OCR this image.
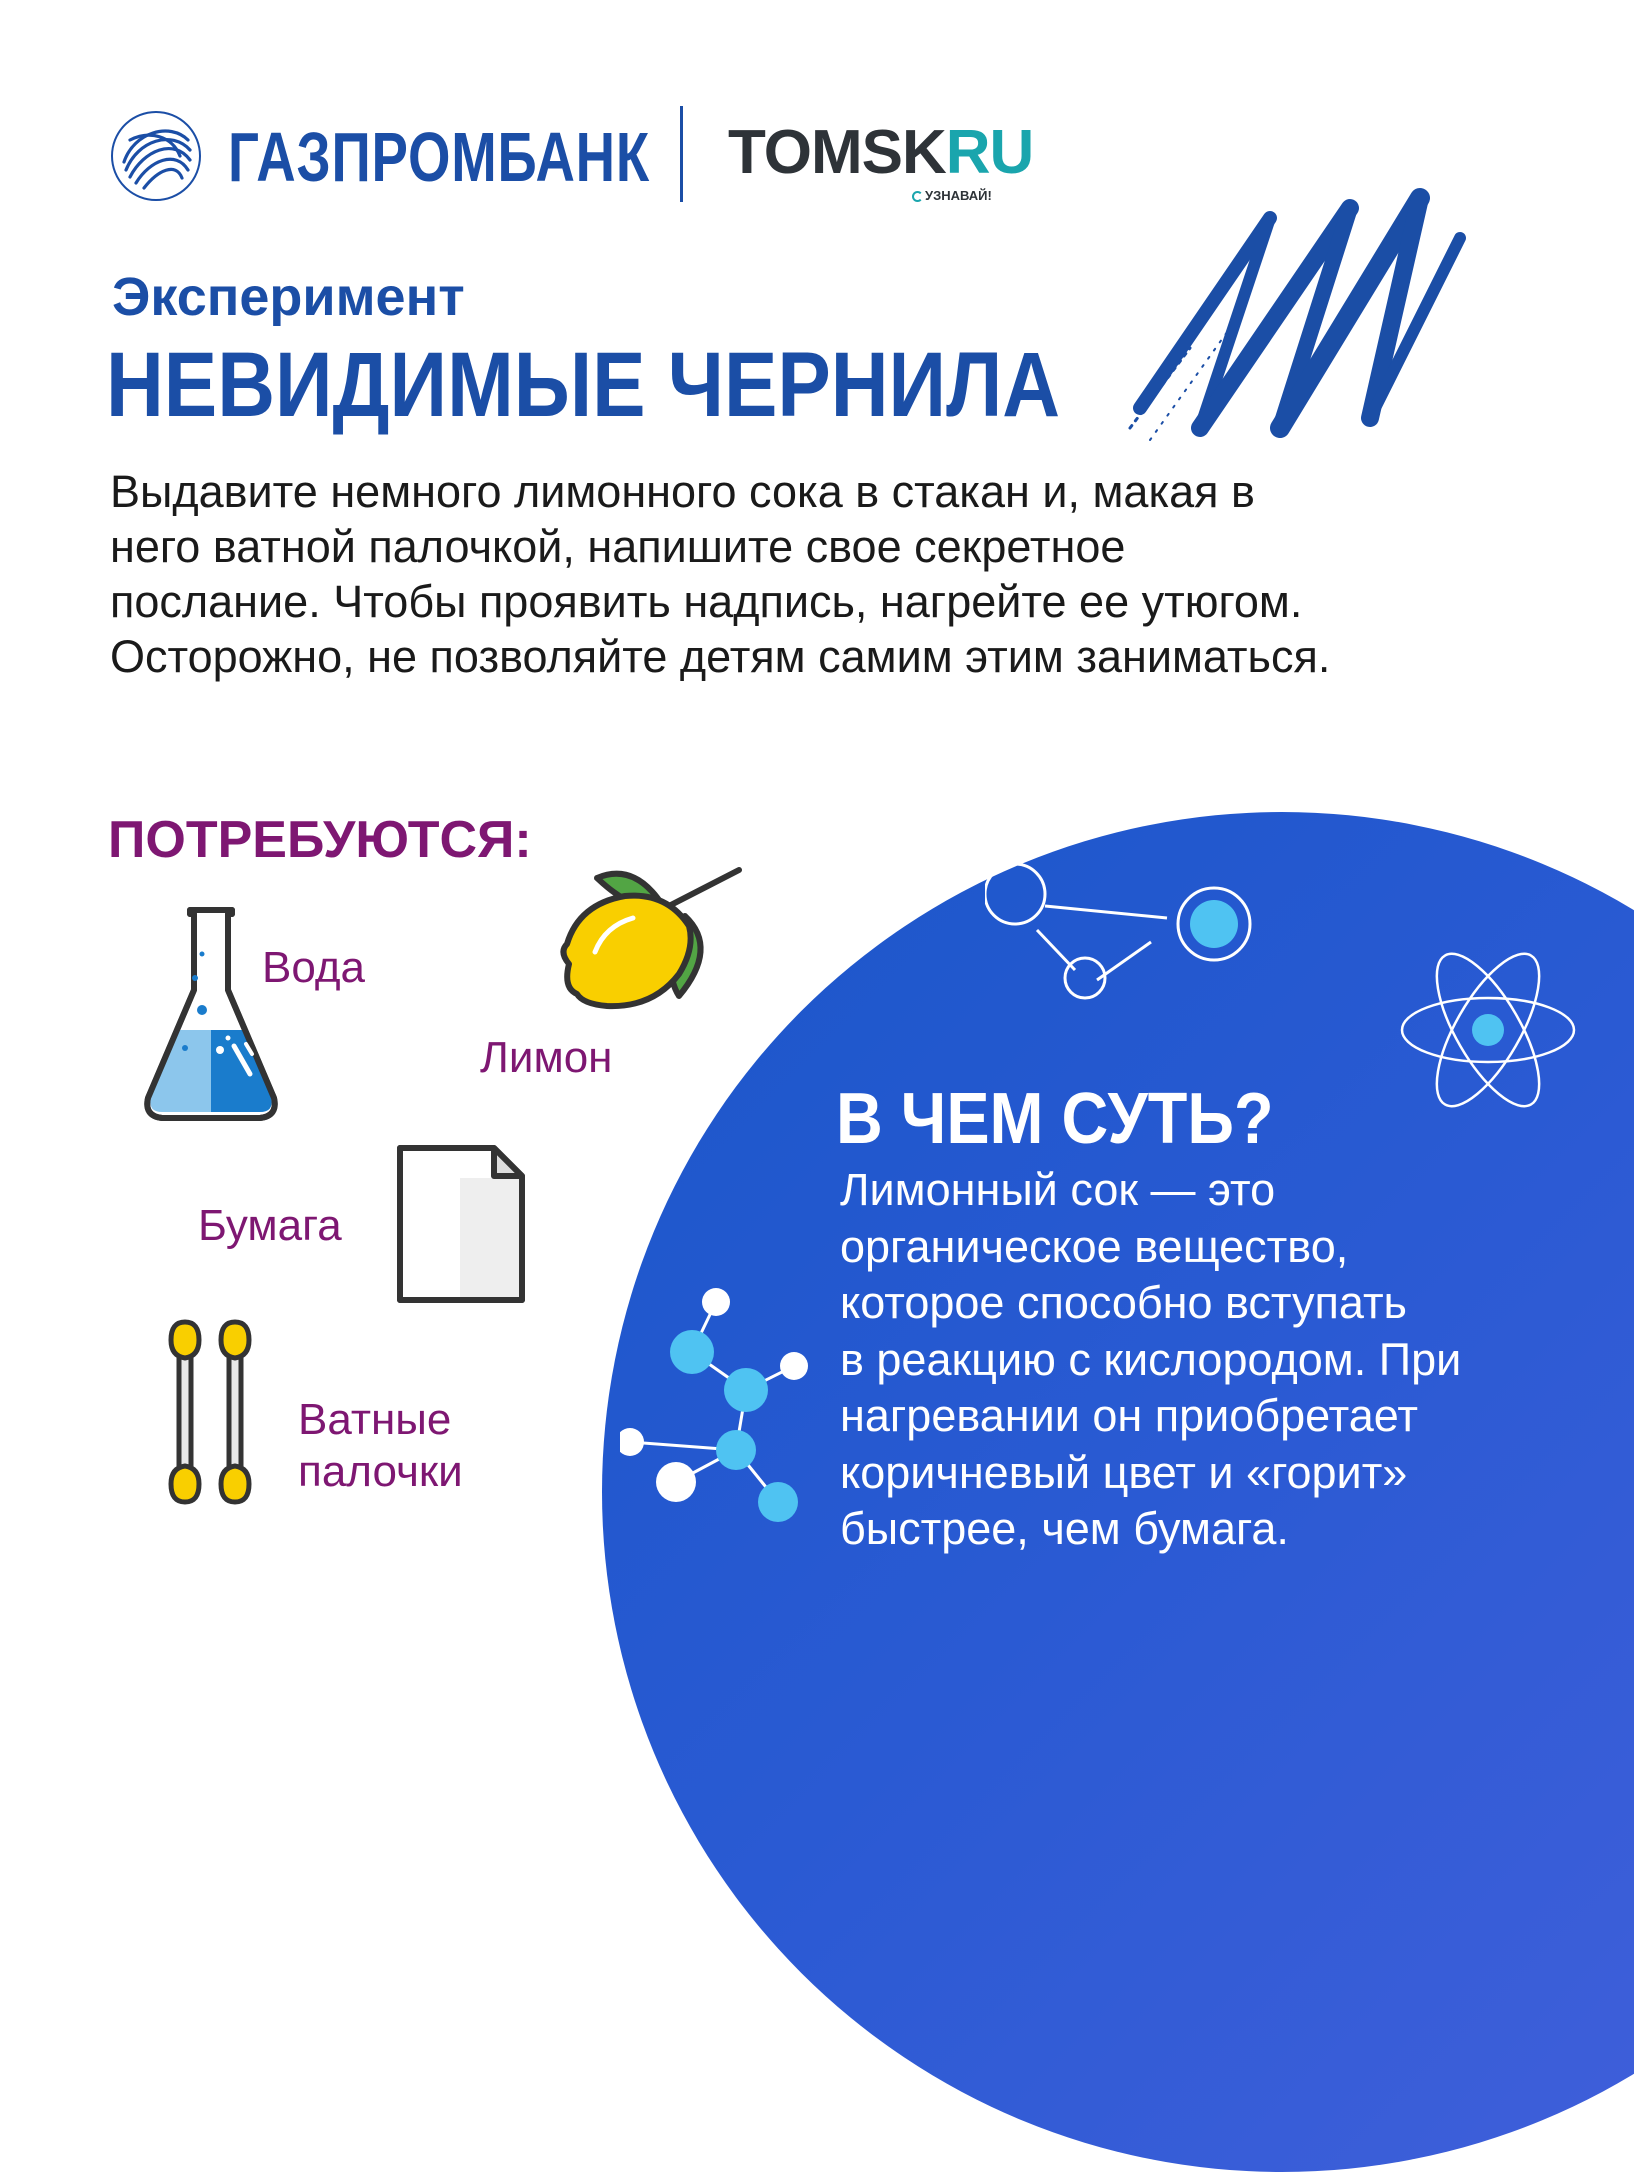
ГАЗПРОМБАНК TOMSKRU
УЗНАВАЙ!
Эксперимент
НЕВИДИМЫЕ ЧЕРНИЛА

Выдавите немного лимонного сока в стакан и, макая в
него ватной палочкой, напишите свое секретное
послание. Чтобы проявить надпись, нагрейте ее утюгом.
Осторожно, не позволяйте детям самим этим заниматься.

ПОТРЕБУЮТСЯ:
Вода
Лимон
Бумага
Ватные
палочки
В ЧЕМ СУТЬ?

Лимонный сок — это
органическое вещество,
которое способно вступать
в реакцию с кислородом. При
нагревании он приобретает
коричневый цвет и «горит»
быстрее, чем бумага.
